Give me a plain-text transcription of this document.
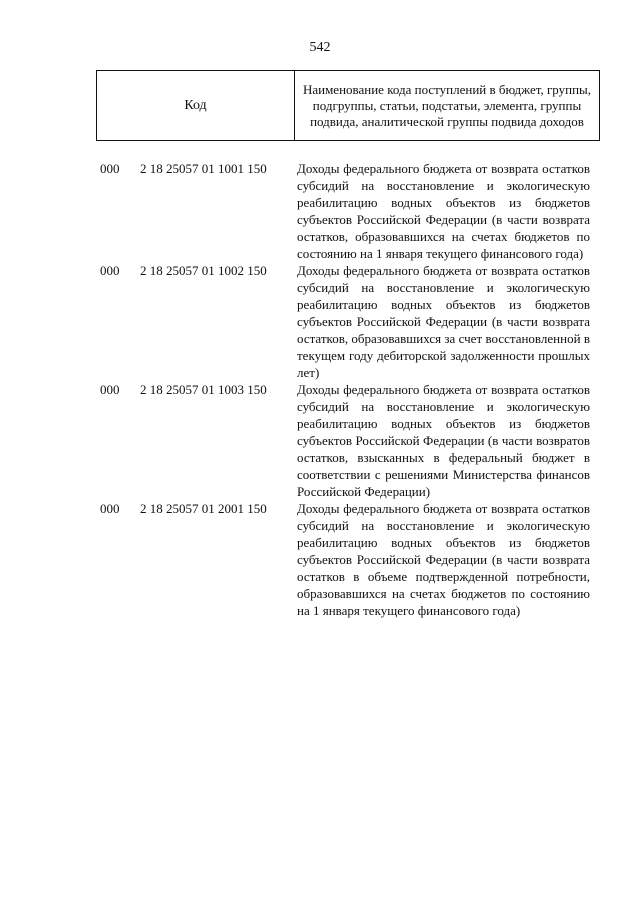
542
Код
Наименование кода поступлений в бюджет, группы, подгруппы, статьи, подстатьи, элемента, группы подвида, аналитической группы подвида доходов
000	2 18 25057 01 1001 150	Доходы федерального бюджета от возврата остатков субсидий на восстановление и экологическую реабилитацию водных объектов из бюджетов субъектов Российской Федерации (в части возврата остатков, образовавшихся на счетах бюджетов по состоянию на 1 января текущего финансового года)
000	2 18 25057 01 1002 150	Доходы федерального бюджета от возврата остатков субсидий на восстановление и экологическую реабилитацию водных объектов из бюджетов субъектов Российской Федерации (в части возврата остатков, образовавшихся за счет восстановленной в текущем году дебиторской задолженности прошлых лет)
000	2 18 25057 01 1003 150	Доходы федерального бюджета от возврата остатков субсидий на восстановление и экологическую реабилитацию водных объектов из бюджетов субъектов Российской Федерации (в части возвратов остатков, взысканных в федеральный бюджет в соответствии с решениями Министерства финансов Российской Федерации)
000	2 18 25057 01 2001 150	Доходы федерального бюджета от возврата остатков субсидий на восстановление и экологическую реабилитацию водных объектов из бюджетов субъектов Российской Федерации (в части возврата остатков в объеме подтвержденной потребности, образовавшихся на счетах бюджетов по состоянию на 1 января текущего финансового года)
